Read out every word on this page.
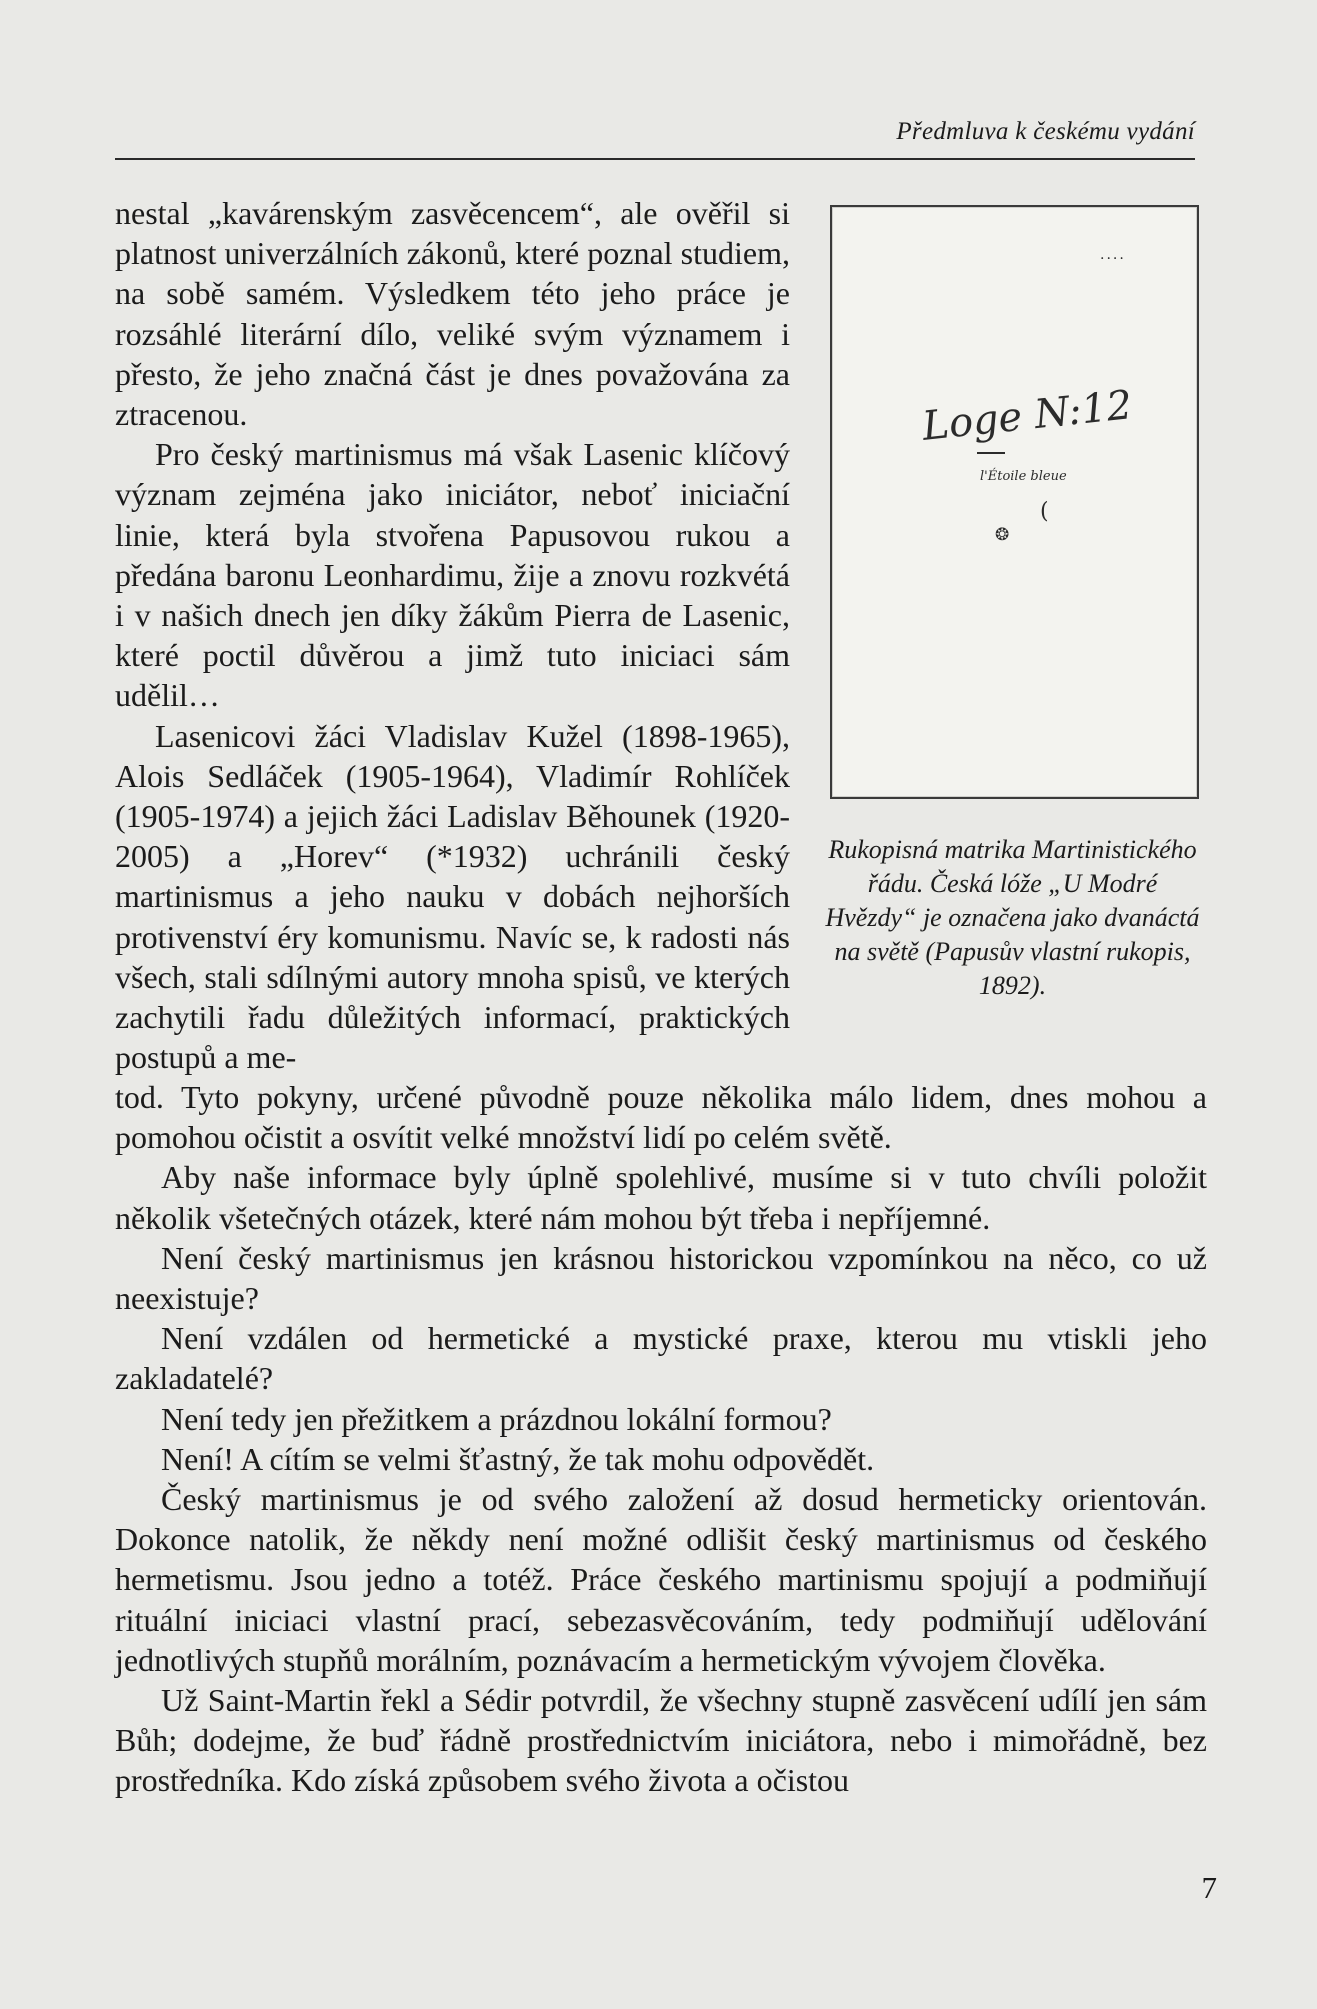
Předmluva k českému vydání

nestal „kavárenským zasvěcencem“, ale ověřil si platnost univerzálních zákonů, které poznal studiem, na sobě samém. Výsledkem této jeho práce je rozsáhlé literární dílo, veliké svým významem i přesto, že jeho značná část je dnes považována za ztracenou.

Pro český martinismus má však Lasenic klíčový význam zejména jako iniciátor, neboť iniciační linie, která byla stvořena Papusovou rukou a předána baronu Leonhardimu, žije a znovu rozkvétá i v našich dnech jen díky žákům Pierra de Lasenic, které poctil důvěrou a jimž tuto iniciaci sám udělil…

Lasenicovi žáci Vladislav Kužel (1898-1965), Alois Sedláček (1905-1964), Vladimír Rohlíček (1905-1974) a jejich žáci Ladislav Běhounek (1920-2005) a „Horev“ (*1932) uchránili český martinismus a jeho nauku v dobách nejhorších protivenství éry komunismu. Navíc se, k radosti nás všech, stali sdílnými autory mnoha spisů, ve kterých zachytili řadu důležitých informací, praktických postupů a me-

....
Loge N:12
l'Étoile bleue
(
❂
Rukopisná matrika Martinistického řádu. Česká lóže „U Modré Hvězdy“ je označena jako dvanáctá na světě (Papusův vlastní rukopis, 1892).

tod. Tyto pokyny, určené původně pouze několika málo lidem, dnes mohou a pomohou očistit a osvítit velké množství lidí po celém světě.

Aby naše informace byly úplně spolehlivé, musíme si v tuto chvíli položit několik všetečných otázek, které nám mohou být třeba i nepříjemné.

Není český martinismus jen krásnou historickou vzpomínkou na něco, co už neexistuje?

Není vzdálen od hermetické a mystické praxe, kterou mu vtiskli jeho zakladatelé?

Není tedy jen přežitkem a prázdnou lokální formou?

Není! A cítím se velmi šťastný, že tak mohu odpovědět.

Český martinismus je od svého založení až dosud hermeticky orientován. Dokonce natolik, že někdy není možné odlišit český martinismus od českého hermetismu. Jsou jedno a totéž. Práce českého martinismu spojují a podmiňují rituální iniciaci vlastní prací, sebezasvěcováním, tedy podmiňují udělování jednotlivých stupňů morálním, poznávacím a hermetickým vývojem člověka.

Už Saint-Martin řekl a Sédir potvrdil, že všechny stupně zasvěcení udílí jen sám Bůh; dodejme, že buď řádně prostřednictvím iniciátora, nebo i mimořádně, bez prostředníka. Kdo získá způsobem svého života a očistou

7
